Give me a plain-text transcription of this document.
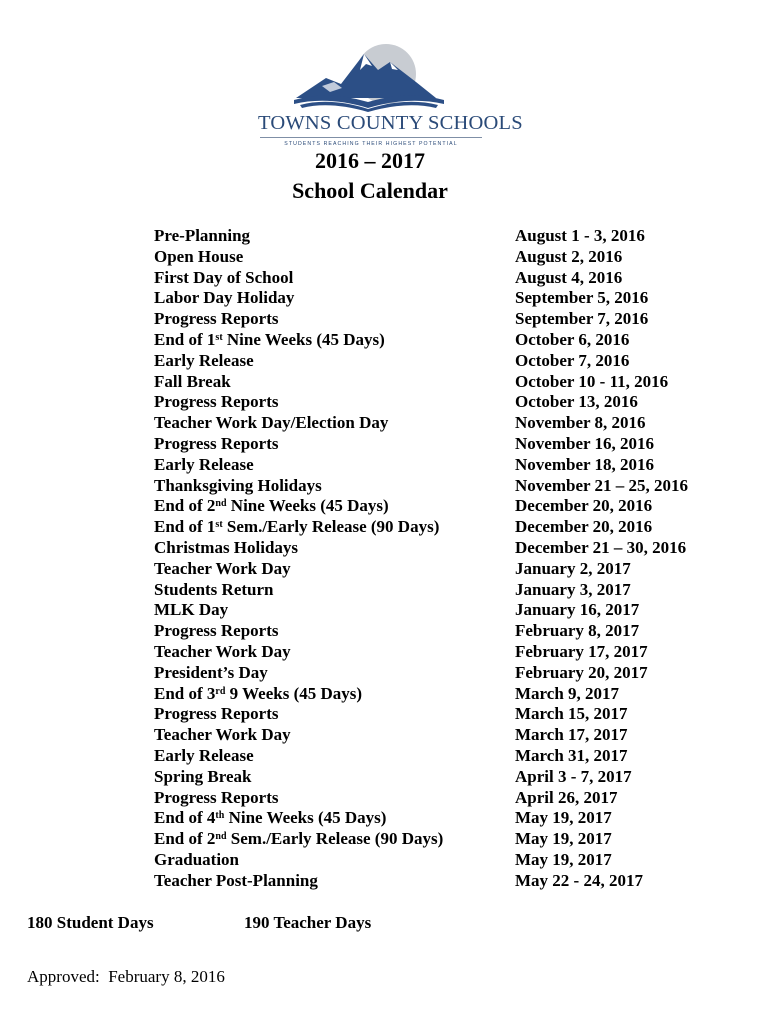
TOWNS COUNTY SCHOOLS
STUDENTS REACHING THEIR HIGHEST POTENTIAL
2016 – 2017
School Calendar
Pre-Planning	August 1 - 3, 2016
Open House	August 2, 2016
First Day of School	August 4, 2016
Labor Day Holiday	September 5, 2016
Progress Reports	September 7, 2016
End of 1st Nine Weeks (45 Days)	October 6, 2016
Early Release	October 7, 2016
Fall Break	October 10 - 11, 2016
Progress Reports	October 13, 2016
Teacher Work Day/Election Day	November 8, 2016
Progress Reports	November 16, 2016
Early Release	November 18, 2016
Thanksgiving Holidays	November 21 – 25, 2016
End of 2nd Nine Weeks (45 Days)	December 20, 2016
End of 1st Sem./Early Release (90 Days)	December 20, 2016
Christmas Holidays	December 21 – 30, 2016
Teacher Work Day	January 2, 2017
Students Return	January 3, 2017
MLK Day	January 16, 2017
Progress Reports	February 8, 2017
Teacher Work Day	February 17, 2017
President’s Day	February 20, 2017
End of 3rd 9 Weeks (45 Days)	March 9, 2017
Progress Reports	March 15, 2017
Teacher Work Day	March 17, 2017
Early Release	March 31, 2017
Spring Break	April 3 - 7, 2017
Progress Reports	April 26, 2017
End of 4th Nine Weeks (45 Days)	May 19, 2017
End of 2nd Sem./Early Release (90 Days)	May 19, 2017
Graduation	May 19, 2017
Teacher Post-Planning	May 22 - 24, 2017
180 Student Days	190 Teacher Days
Approved:  February 8, 2016
